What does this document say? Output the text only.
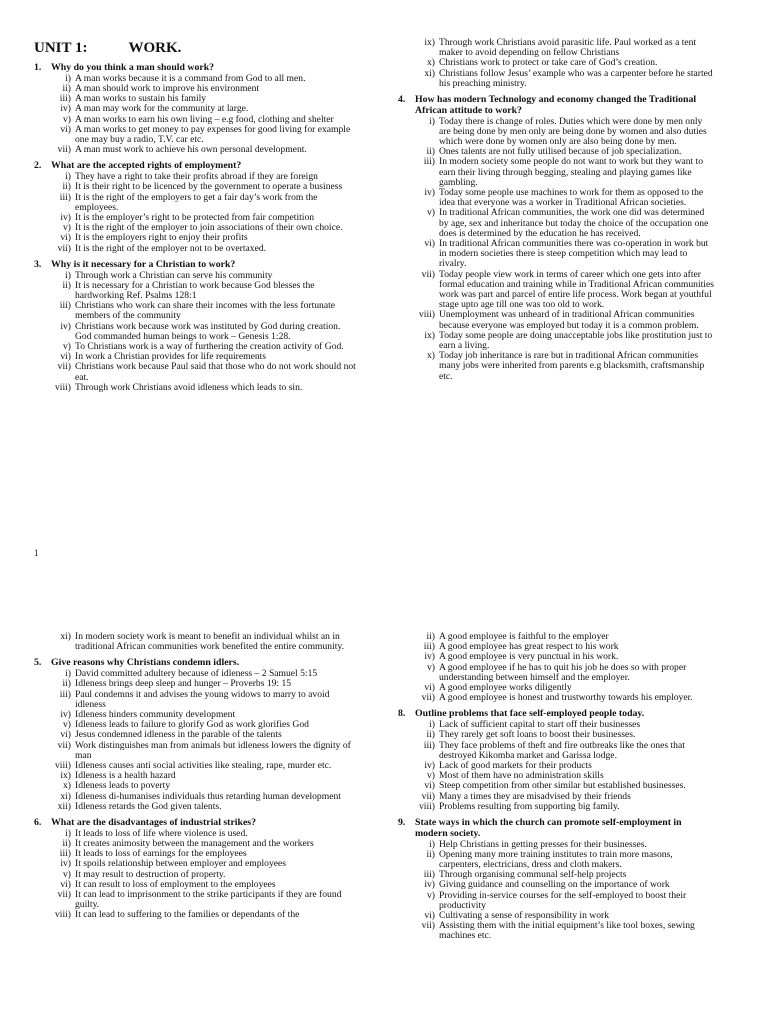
UNIT 1:           WORK.
1. Why do you think a man should work?
i) A man works because it is a command from God to all men.
ii) A man should work to improve his environment
iii) A man works to sustain his family
iv) A man may work for the community at large.
v) A man works to earn his own living – e.g food, clothing and shelter
vi) A man works to get money to pay expenses for good living for example one may buy a radio, T.V. car etc.
vii) A man must work to achieve his own personal development.
2. What are the accepted rights of employment?
i) They have a right to take their profits abroad if they are foreign
ii) It is their right to be licenced by the government to operate a business
iii) It is the right of the employers to get a fair day’s work from the employees.
iv) It is the employer’s right to be protected from fair competition
v) It is the right of the employer to join associations of their own choice.
vi) It is the employers right to enjoy their profits
vii) It is the right of the employer not to be overtaxed.
3. Why is it necessary for a Christian to work?
i) Through work a Christian can serve his community
ii) It is necessary for a Christian to work because God blesses the hardworking Ref. Psalms 128:1
iii) Christians who work can share their incomes with the less fortunate members of the community
iv) Christians work because work was instituted by God during creation. God commanded human beings to work – Genesis 1:28.
v) To Christians work is a way of furthering the creation activity of God.
vi) In work a Christian provides for life requirements
vii) Christians work because Paul said that those who do not work should not eat.
viii) Through work Christians avoid idleness which leads to sin.
ix) Through work Christians avoid parasitic life. Paul worked as a tent maker to avoid depending on fellow Christians
x) Christians work to protect or take care of God’s creation.
xi) Christians follow Jesus’ example who was a carpenter before he started his preaching ministry.
4. How has modern Technology and economy changed the Traditional African attitude to work?
i) Today there is change of roles. Duties which were done by men only are being done by men only are being done by women and also duties which were done by women only are also being done by men.
ii) Ones talents are not fully utilised because of job specialization.
iii) In modern society some people do not want to work but they want to earn their living through begging, stealing and playing games like gambling.
iv) Today some people use machines to work for them as opposed to the idea that everyone was a worker in Traditional African societies.
v) In traditional African communities, the work one did was determined by age, sex and inheritance but today the choice of the occupation one does is determined by the education he has received.
vi) In traditional African communities there was co-operation in work but in modern societies there is steep competition which may lead to rivalry.
vii) Today people view work in terms of career which one gets into after formal education and training while in Traditional African communities work was part and parcel of entire life process. Work began at youthful stage upto age till one was too old to work.
viii) Unemployment was unheard of in traditional African communities because everyone was employed but today it is a common problem.
ix) Today some people are doing unacceptable jobs like prostitution just to earn a living.
x) Today job inheritance is rare but in traditional African communities many jobs were inherited from parents e.g blacksmith, craftsmanship etc.
1
xi) In modern society work is meant to benefit an individual whilst an in traditional African communities work benefited the entire community.
5. Give reasons why Christians condemn idlers.
i) David committed adultery because of idleness – 2 Samuel 5:15
ii) Idleness brings deep sleep and hunger – Proverbs 19: 15
iii) Paul condemns it and advises the young widows to marry to avoid idleness
iv) Idleness hinders community development
v) Idleness leads to failure to glorify God as work glorifies God
vi) Jesus condemned idleness in the parable of the talents
vii) Work distinguishes man from animals but idleness lowers the dignity of man
viii) Idleness causes anti social activities like stealing, rape, murder etc.
ix) Idleness is a health hazard
x) Idleness leads to poverty
xi) Idleness di-humanises individuals thus retarding human development
xii) Idleness retards the God given talents.
6. What are the disadvantages of industrial strikes?
i) It leads to loss of life where violence is used.
ii) It creates animosity between the management and the workers
iii) It leads to loss of earnings for the employees
iv) It spoils relationship between employer and employees
v) It may result to destruction of property.
vi) It can result to loss of employment to the employees
vii) It can lead to imprisonment to the strike participants if they are found guilty.
viii) It can lead to suffering to the families or dependants of the
ii) A good employee is faithful to the employer
iii) A good employee has great respect to his work
iv) A good employee is very punctual in his work.
v) A good employee if he has to quit his job he does so with proper understanding between himself and the employer.
vi) A good employee works diligently
vii) A good employee is honest and trustworthy towards his employer.
8. Outline problems that face self-employed people today.
i) Lack of sufficient capital to start off their businesses
ii) They rarely get soft loans to boost their businesses.
iii) They face problems of theft and fire outbreaks like the ones that destroyed Kikomba market and Garissa lodge.
iv) Lack of good markets for their products
v) Most of them have no administration skills
vi) Steep competition from other similar but established businesses.
vii) Many a times they are misadvised by their friends
viii) Problems resulting from supporting big family.
9. State ways in which the church can promote self-employment in modern society.
i) Help Christians in getting presses for their businesses.
ii) Opening many more training institutes to train more masons, carpenters, electricians, dress and cloth makers.
iii) Through organising communal self-help projects
iv) Giving guidance and counselling on the importance of work
v) Providing in-service courses for the self-employed to boost their productivity
vi) Cultivating a sense of responsibility in work
vii) Assisting them with the initial equipment’s like tool boxes, sewing machines etc.
